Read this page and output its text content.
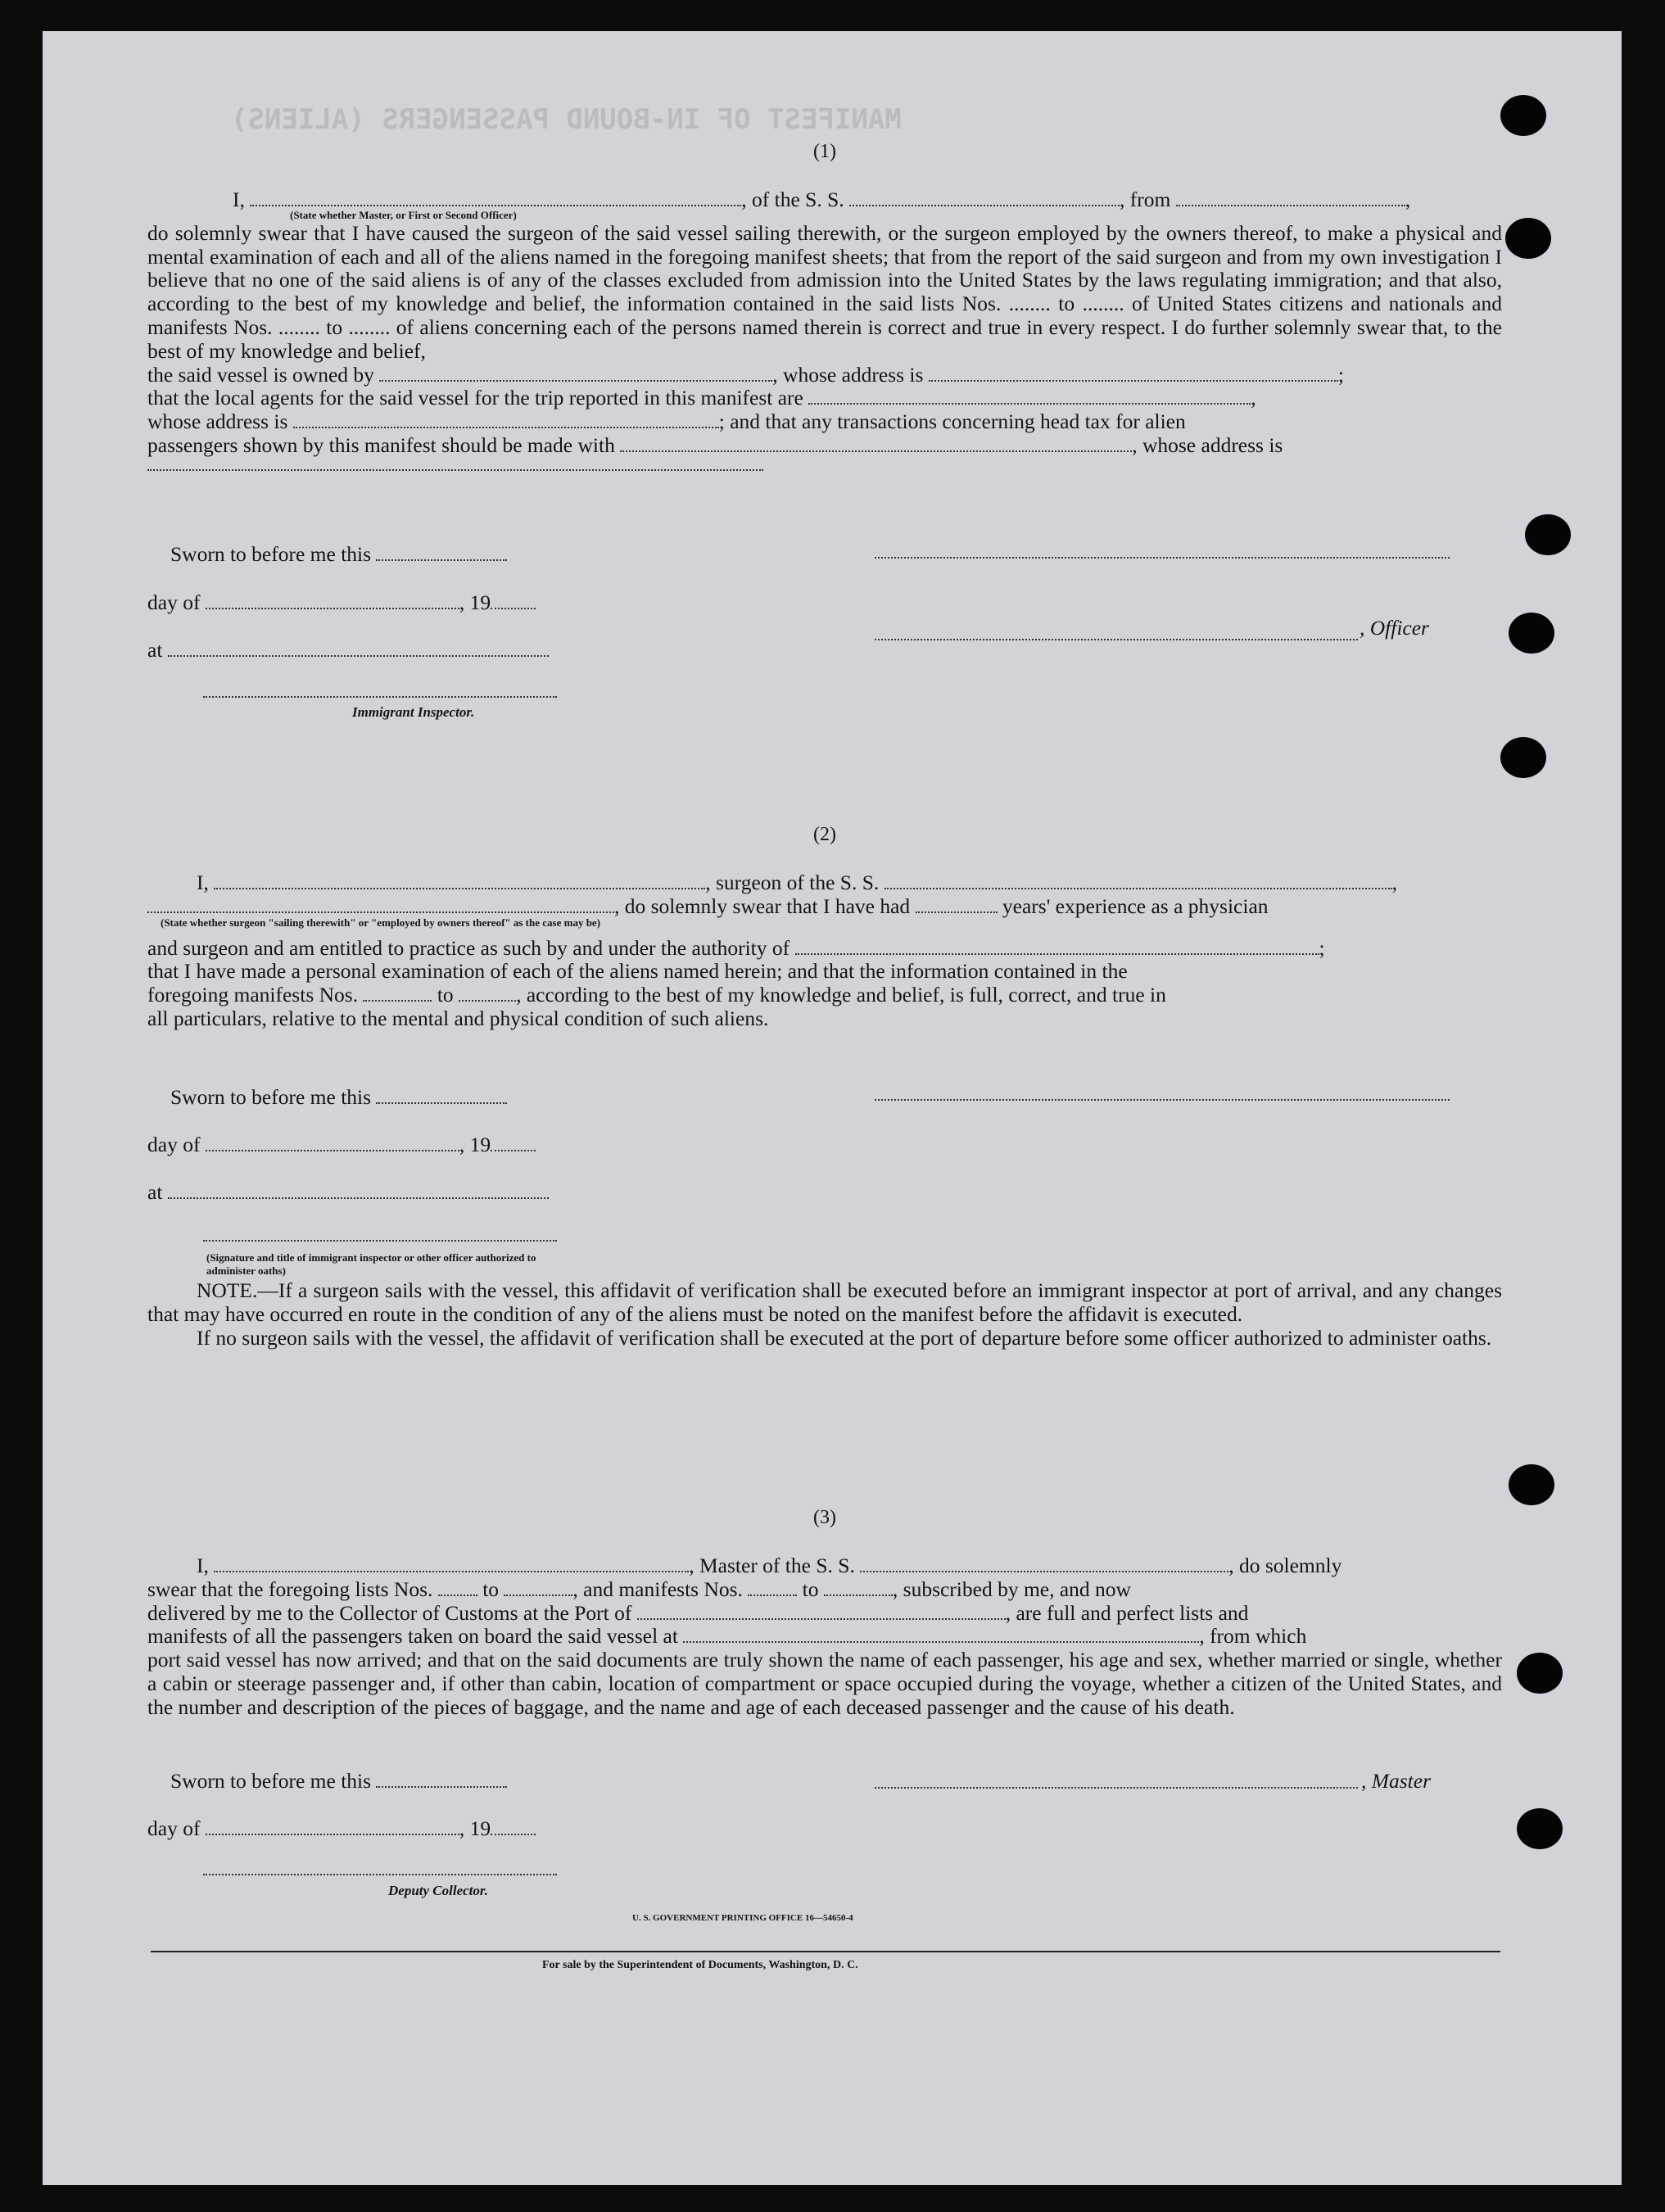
MANIFEST OF IN-BOUND PASSENGERS (ALIENS)
(1)

I,	, of the S. S.	, from	,

(State whether Master, or First or Second Officer)

do solemnly swear that I have caused the surgeon of the said vessel sailing therewith, or the surgeon employed by the owners thereof, to make a physical and mental examination of each and all of the aliens named in the foregoing manifest sheets; that from the report of the said surgeon and from my own investigation I believe that no one of the said aliens is of any of the classes excluded from admission into the United States by the laws regulating immigration; and that also, according to the best of my knowledge and belief, the information contained in the said lists Nos. ........ to ........ of United States citizens and nationals and manifests Nos. ........ to ........ of aliens concerning each of the persons named therein is correct and true in every respect. I do further solemnly swear that, to the best of my knowledge and belief,

the said vessel is owned by	, whose address is	;

that the local agents for the said vessel for the trip reported in this manifest are	,

whose address is	; and that any transactions concerning head tax for alien

passengers shown by this manifest should be made with	, whose address is

Sworn to before me this
day of	, 19
at
Immigrant Inspector.
, Officer
(2)

I,	, surgeon of the S. S.	,

, do solemnly swear that I have had	years' experience as a physician

(State whether surgeon "sailing therewith" or "employed by owners thereof" as the case may be)

and surgeon and am entitled to practice as such by and under the authority of	;

that I have made a personal examination of each of the aliens named herein; and that the information contained in the

foregoing manifests Nos.	to	, according to the best of my knowledge and belief, is full, correct, and true in

all particulars, relative to the mental and physical condition of such aliens.

Sworn to before me this
day of	, 19
at
(Signature and title of immigrant inspector or other officer authorized to administer oaths)

NOTE.—If a surgeon sails with the vessel, this affidavit of verification shall be executed before an immigrant inspector at port of arrival, and any changes that may have occurred en route in the condition of any of the aliens must be noted on the manifest before the affidavit is executed.

If no surgeon sails with the vessel, the affidavit of verification shall be executed at the port of departure before some officer authorized to administer oaths.

(3)

I,	, Master of the S. S.	, do solemnly

swear that the foregoing lists Nos. to	, and manifests Nos.	to	, subscribed by me, and now

delivered by me to the Collector of Customs at the Port of	, are full and perfect lists and

manifests of all the passengers taken on board the said vessel at	, from which

port said vessel has now arrived; and that on the said documents are truly shown the name of each passenger, his age and sex, whether married or single, whether a cabin or steerage passenger and, if other than cabin, location of compartment or space occupied during the voyage, whether a citizen of the United States, and the number and description of the pieces of baggage, and the name and age of each deceased passenger and the cause of his death.

Sworn to before me this
day of	, 19
, Master
Deputy Collector.
U. S. GOVERNMENT PRINTING OFFICE 16—54650-4
For sale by the Superintendent of Documents, Washington, D. C.
